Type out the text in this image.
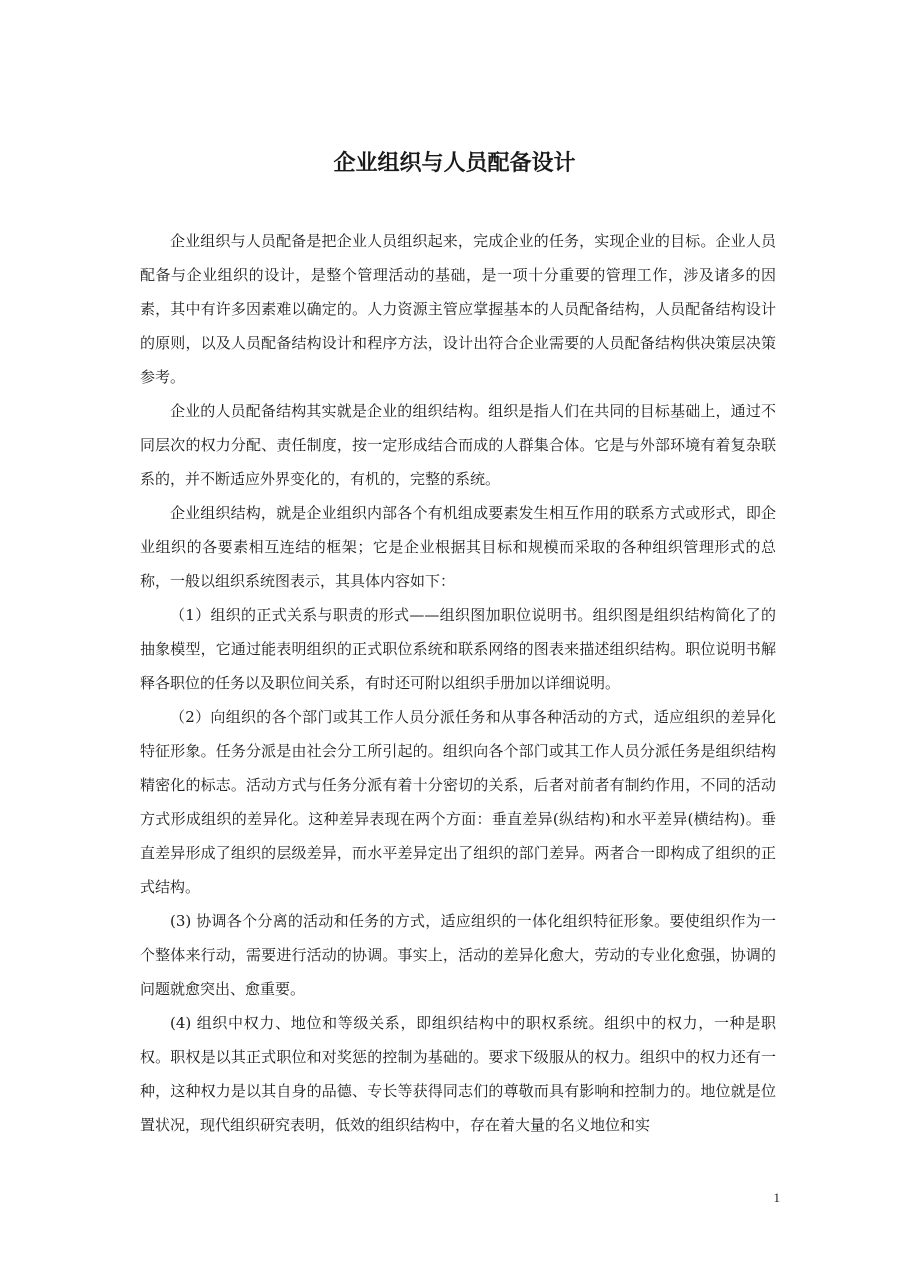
企业组织与人员配备设计

企业组织与人员配备是把企业人员组织起来，完成企业的任务，实现企业的目标。企业人员配备与企业组织的设计，是整个管理活动的基础，是一项十分重要的管理工作，涉及诸多的因素，其中有许多因素难以确定的。人力资源主管应掌握基本的人员配备结构，人员配备结构设计的原则，以及人员配备结构设计和程序方法，设计出符合企业需要的人员配备结构供决策层决策参考。

企业的人员配备结构其实就是企业的组织结构。组织是指人们在共同的目标基础上，通过不同层次的权力分配、责任制度，按一定形成结合而成的人群集合体。它是与外部环境有着复杂联系的，并不断适应外界变化的，有机的，完整的系统。

企业组织结构，就是企业组织内部各个有机组成要素发生相互作用的联系方式或形式，即企业组织的各要素相互连结的框架；它是企业根据其目标和规模而采取的各种组织管理形式的总称，一般以组织系统图表示，其具体内容如下：

（1）组织的正式关系与职责的形式——组织图加职位说明书。组织图是组织结构简化了的抽象模型，它通过能表明组织的正式职位系统和联系网络的图表来描述组织结构。职位说明书解释各职位的任务以及职位间关系，有时还可附以组织手册加以详细说明。

（2）向组织的各个部门或其工作人员分派任务和从事各种活动的方式，适应组织的差异化特征形象。任务分派是由社会分工所引起的。组织向各个部门或其工作人员分派任务是组织结构精密化的标志。活动方式与任务分派有着十分密切的关系，后者对前者有制约作用，不同的活动方式形成组织的差异化。这种差异表现在两个方面：垂直差异(纵结构)和水平差异(横结构)。垂直差异形成了组织的层级差异，而水平差异定出了组织的部门差异。两者合一即构成了组织的正式结构。

(3) 协调各个分离的活动和任务的方式，适应组织的一体化组织特征形象。要使组织作为一个整体来行动，需要进行活动的协调。事实上，活动的差异化愈大，劳动的专业化愈强，协调的问题就愈突出、愈重要。

(4) 组织中权力、地位和等级关系，即组织结构中的职权系统。组织中的权力，一种是职权。职权是以其正式职位和对奖惩的控制为基础的。要求下级服从的权力。组织中的权力还有一种，这种权力是以其自身的品德、专长等获得同志们的尊敬而具有影响和控制力的。地位就是位置状况，现代组织研究表明，低效的组织结构中，存在着大量的名义地位和实

1
